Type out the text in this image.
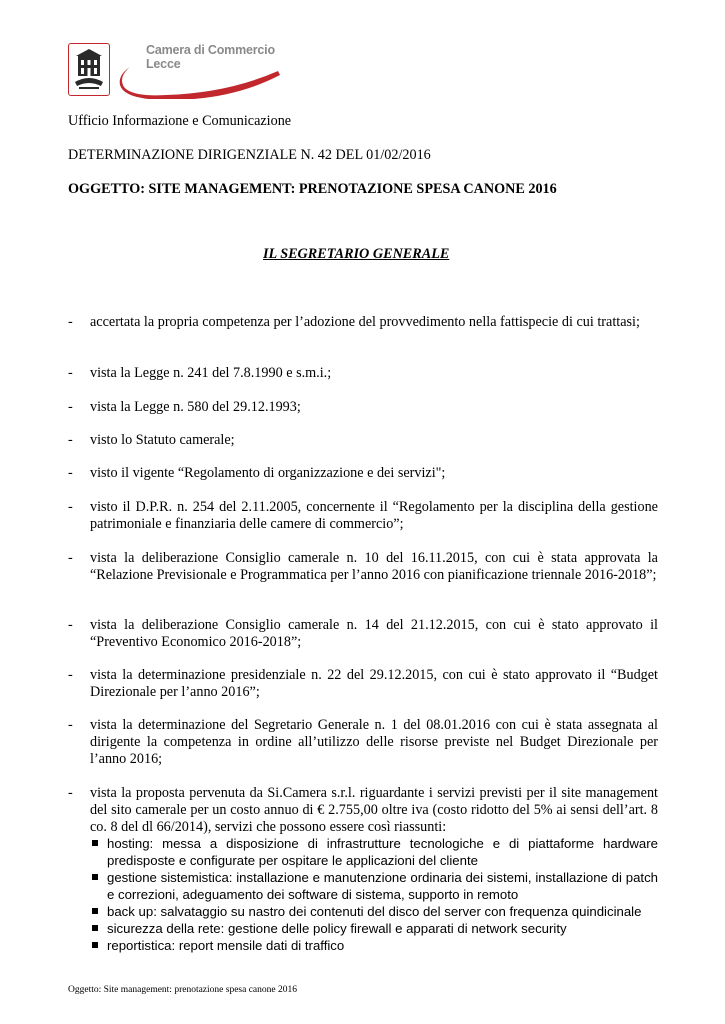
Camera di Commercio
Lecce
Ufficio Informazione e Comunicazione
DETERMINAZIONE DIRIGENZIALE N. 42 DEL 01/02/2016
OGGETTO: SITE MANAGEMENT: PRENOTAZIONE SPESA CANONE 2016
IL SEGRETARIO GENERALE
- accertata la propria competenza per l’adozione del provvedimento nella fattispecie di cui trattasi;
- vista la Legge n. 241 del 7.8.1990 e s.m.i.;
- vista la Legge n. 580 del 29.12.1993;
- visto lo Statuto camerale;
- visto il vigente “Regolamento di organizzazione e dei servizi";
- visto il D.P.R. n. 254 del 2.11.2005, concernente il “Regolamento per la disciplina della gestione patrimoniale e finanziaria delle camere di commercio”;
- vista la deliberazione Consiglio camerale n. 10 del 16.11.2015, con cui è stata approvata la “Relazione Previsionale e Programmatica per l’anno 2016 con pianificazione triennale 2016-2018”;
- vista la deliberazione Consiglio camerale n. 14 del 21.12.2015, con cui è stato approvato il “Preventivo Economico 2016-2018”;
- vista la determinazione presidenziale n. 22 del 29.12.2015, con cui è stato approvato il “Budget Direzionale per l’anno 2016”;
- vista la determinazione del Segretario Generale n. 1 del 08.01.2016 con cui è stata assegnata al dirigente la competenza in ordine all’utilizzo delle risorse previste nel Budget Direzionale per l’anno 2016;
- vista la proposta pervenuta da Si.Camera s.r.l. riguardante i servizi previsti per il site management del sito camerale per un costo annuo di € 2.755,00 oltre iva (costo ridotto del 5% ai sensi dell’art. 8 co. 8 del dl 66/2014), servizi che possono essere così riassunti:
hosting: messa a disposizione di infrastrutture tecnologiche e di piattaforme hardware predisposte e configurate per ospitare le applicazioni del cliente
gestione sistemistica: installazione e manutenzione ordinaria dei sistemi, installazione di patch e correzioni, adeguamento dei software di sistema, supporto in remoto
back up: salvataggio su nastro dei contenuti del disco del server con frequenza quindicinale
sicurezza della rete: gestione delle policy firewall e apparati di network security
reportistica: report mensile dati di traffico
Oggetto: Site management: prenotazione spesa canone 2016
